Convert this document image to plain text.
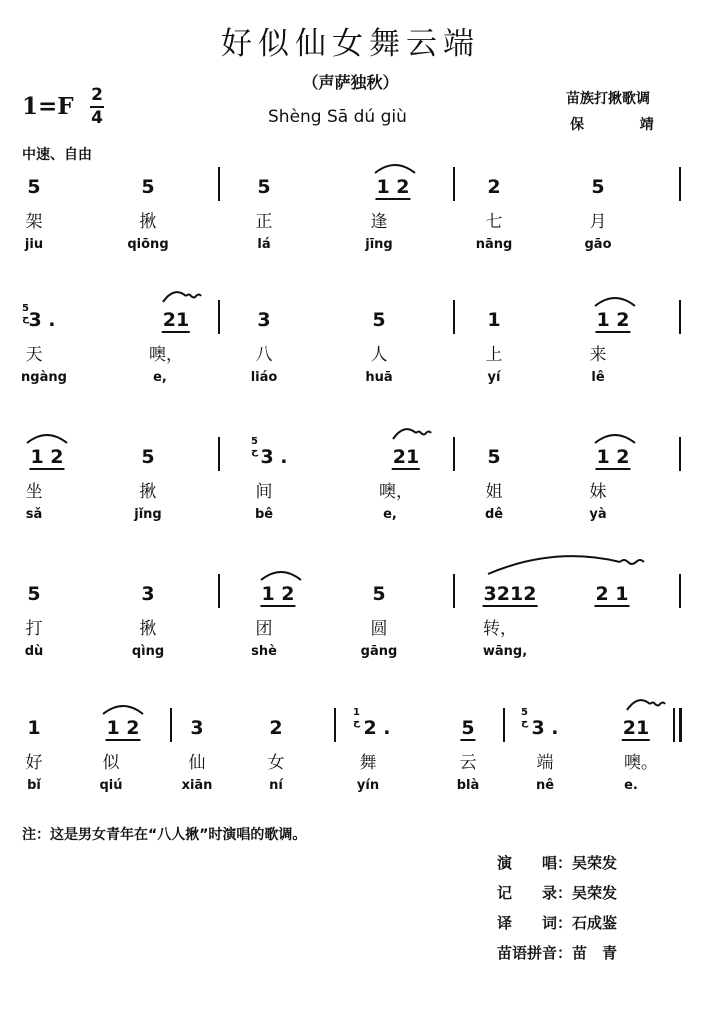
好似仙女舞云端
（声萨独秋）
Shèng Sā dú giù
1=F 2
4
苗族打揪歌调
保	靖
中速、自由
5	5	5	1 2	2	5
架	揪	正	逢	七	月
jiu	qiōng	lá	jīng	nāng	gāo
5
ح 3 .	21	3	5	1	1 2
天	噢，	八	人	上	来
ngàng	e,	liáo	huā	yí	lê
5
ح
1 2	5	3 .	21	5	1 2
坐	揪	间	噢，	姐	妹
sǎ	jǐng	bê	e,	dê	yà
5	3	1 2	5	3212	2 1
打	揪	团	圆	转，
dù	qìng	shè	gāng	wāng,
1
ح
5
ح
1	1 2	3	2	2 .	5	3 .	21
好	似	仙	女	舞	云	端	噢。
bǐ	qiú	xiān	ní	yín	blà	nê	e.
注：这是男女青年在“八人揪”时演唱的歌调。
演　　唱：吴荣发
记　　录：吴荣发
译　　词：石成鉴
苗语拼音：苗　青
